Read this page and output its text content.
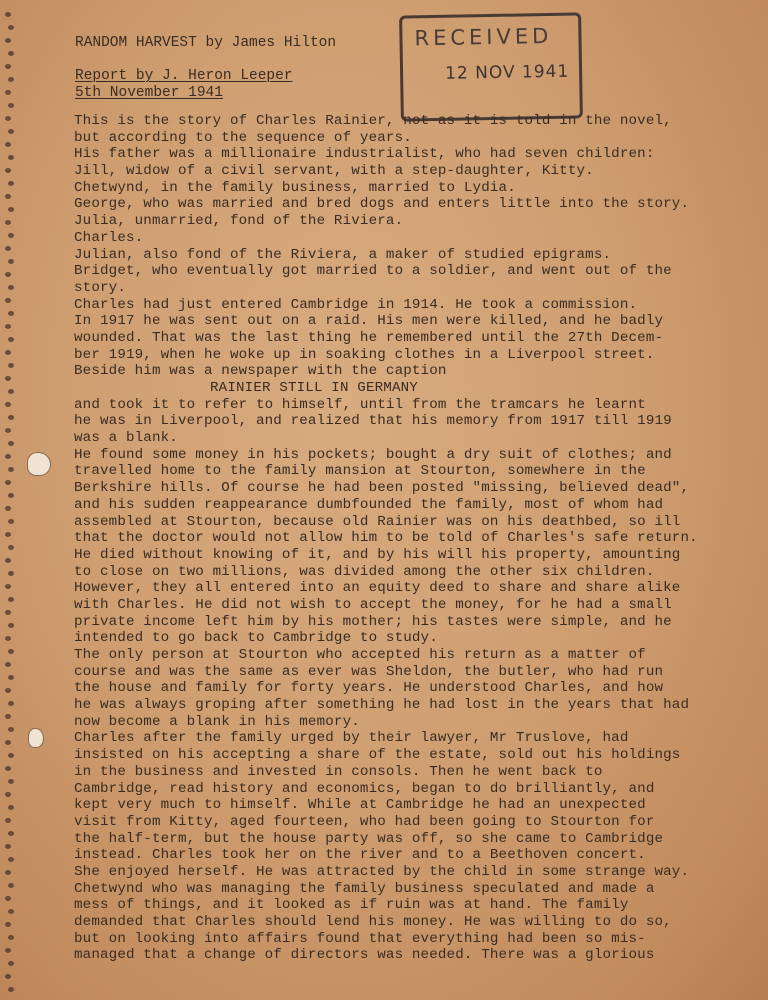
RECEIVED
12 NOV 1941
RANDOM HARVEST by James Hilton
Report by J. Heron Leeper
5th November 1941
This is the story of Charles Rainier, not as it is told in the novel,
but according to the sequence of years.
His father was a millionaire industrialist, who had seven children:
Jill, widow of a civil servant, with a step-daughter, Kitty.
Chetwynd, in the family business, married to Lydia.
George, who was married and bred dogs and enters little into the story.
Julia, unmarried, fond of the Riviera.
Charles.
Julian, also fond of the Riviera, a maker of studied epigrams.
Bridget, who eventually got married to a soldier, and went out of the
story.
Charles had just entered Cambridge in 1914. He took a commission.
In 1917 he was sent out on a raid. His men were killed, and he badly
wounded. That was the last thing he remembered until the 27th Decem-
ber 1919, when he woke up in soaking clothes in a Liverpool street.
Beside him was a newspaper with the caption
RAINIER STILL IN GERMANY
and took it to refer to himself, until from the tramcars he learnt
he was in Liverpool, and realized that his memory from 1917 till 1919
was a blank.
He found some money in his pockets; bought a dry suit of clothes; and
travelled home to the family mansion at Stourton, somewhere in the
Berkshire hills. Of course he had been posted "missing, believed dead",
and his sudden reappearance dumbfounded the family, most of whom had
assembled at Stourton, because old Rainier was on his deathbed, so ill
that the doctor would not allow him to be told of Charles's safe return.
He died without knowing of it, and by his will his property, amounting
to close on two millions, was divided among the other six children.
However, they all entered into an equity deed to share and share alike
with Charles. He did not wish to accept the money, for he had a small
private income left him by his mother; his tastes were simple, and he
intended to go back to Cambridge to study.
The only person at Stourton who accepted his return as a matter of
course and was the same as ever was Sheldon, the butler, who had run
the house and family for forty years. He understood Charles, and how
he was always groping after something he had lost in the years that had
now become a blank in his memory.
Charles after the family urged by their lawyer, Mr Truslove, had
insisted on his accepting a share of the estate, sold out his holdings
in the business and invested in consols. Then he went back to
Cambridge, read history and economics, began to do brilliantly, and
kept very much to himself. While at Cambridge he had an unexpected
visit from Kitty, aged fourteen, who had been going to Stourton for
the half-term, but the house party was off, so she came to Cambridge
instead. Charles took her on the river and to a Beethoven concert.
She enjoyed herself. He was attracted by the child in some strange way.
Chetwynd who was managing the family business speculated and made a
mess of things, and it looked as if ruin was at hand. The family
demanded that Charles should lend his money. He was willing to do so,
but on looking into affairs found that everything had been so mis-
managed that a change of directors was needed. There was a glorious
